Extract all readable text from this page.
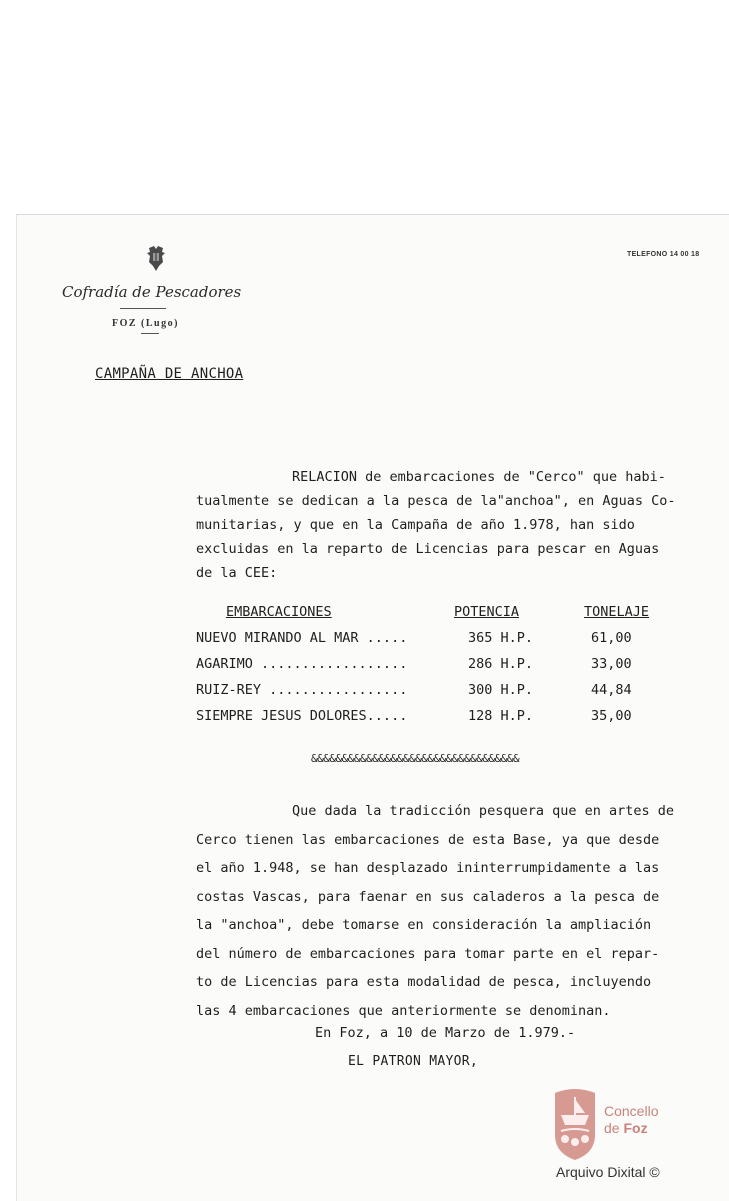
Cofradía de Pescadores
FOZ (Lugo)
TELEFONO 14 00 18
CAMPAÑA DE ANCHOA
RELACION de embarcaciones de "Cerco" que habi-
tualmente se dedican a la pesca de la"anchoa", en Aguas Co-
munitarias, y que en la Campaña de año 1.978, han sido
excluidas en la reparto de Licencias para pescar en Aguas
de la CEE:
EMBARCACIONES	POTENCIA	TONELAJE
NUEVO MIRANDO AL MAR .....	365 H.P.	61,00
AGARIMO ..................	286 H.P.	33,00
RUIZ-REY .................	300 H.P.	44,84
SIEMPRE JESUS DOLORES.....	128 H.P.	35,00
&&&&&&&&&&&&&&&&&&&&&&&&&&&&&&&&&&
Que dada la tradicción pesquera que en artes de
Cerco tienen las embarcaciones de esta Base, ya que desde
el año 1.948, se han desplazado ininterrumpidamente a las
costas Vascas, para faenar en sus caladeros a la pesca de
la "anchoa", debe tomarse en consideración la ampliación
del número de embarcaciones para tomar parte en el repar-
to de Licencias para esta modalidad de pesca, incluyendo
las 4 embarcaciones que anteriormente se denominan.
En Foz, a 10 de Marzo de 1.979.-
EL PATRON MAYOR,
Concello
de Foz
Arquivo Dixital ©
